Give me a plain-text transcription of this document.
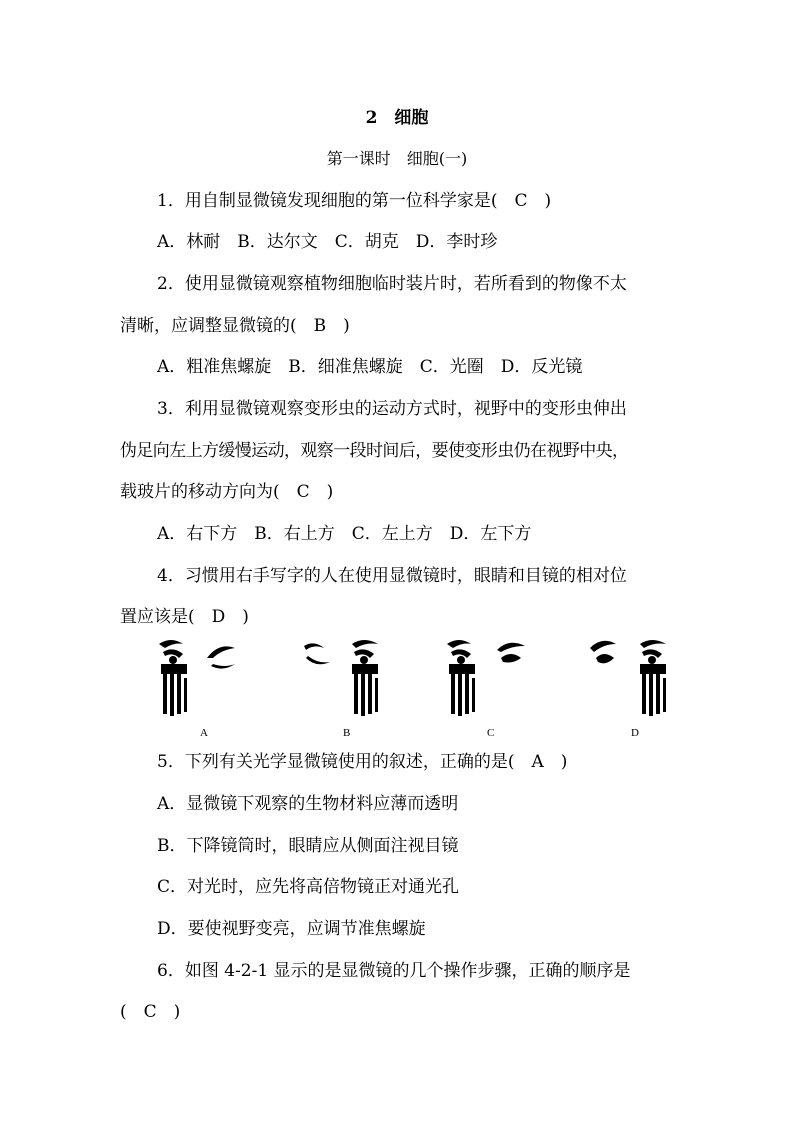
2　细胞
第一课时　细胞(一)
1．用自制显微镜发现细胞的第一位科学家是(　C　)
A．林耐　B．达尔文　C．胡克　D．李时珍
2．使用显微镜观察植物细胞临时装片时，若所看到的物像不太
清晰，应调整显微镜的(　B　)
A．粗准焦螺旋　B．细准焦螺旋　C．光圈　D．反光镜
3．利用显微镜观察变形虫的运动方式时，视野中的变形虫伸出
伪足向左上方缓慢运动，观察一段时间后，要使变形虫仍在视野中央，
载玻片的移动方向为(　C　)
A．右下方　B．右上方　C．左上方　D．左下方
4．习惯用右手写字的人在使用显微镜时，眼睛和目镜的相对位
置应该是(　D　)
A	B	C	D
5．下列有关光学显微镜使用的叙述，正确的是(　A　)
A．显微镜下观察的生物材料应薄而透明
B．下降镜筒时，眼睛应从侧面注视目镜
C．对光时，应先将高倍物镜正对通光孔
D．要使视野变亮，应调节准焦螺旋
6．如图 4-2-1 显示的是显微镜的几个操作步骤，正确的顺序是
(　C　)
